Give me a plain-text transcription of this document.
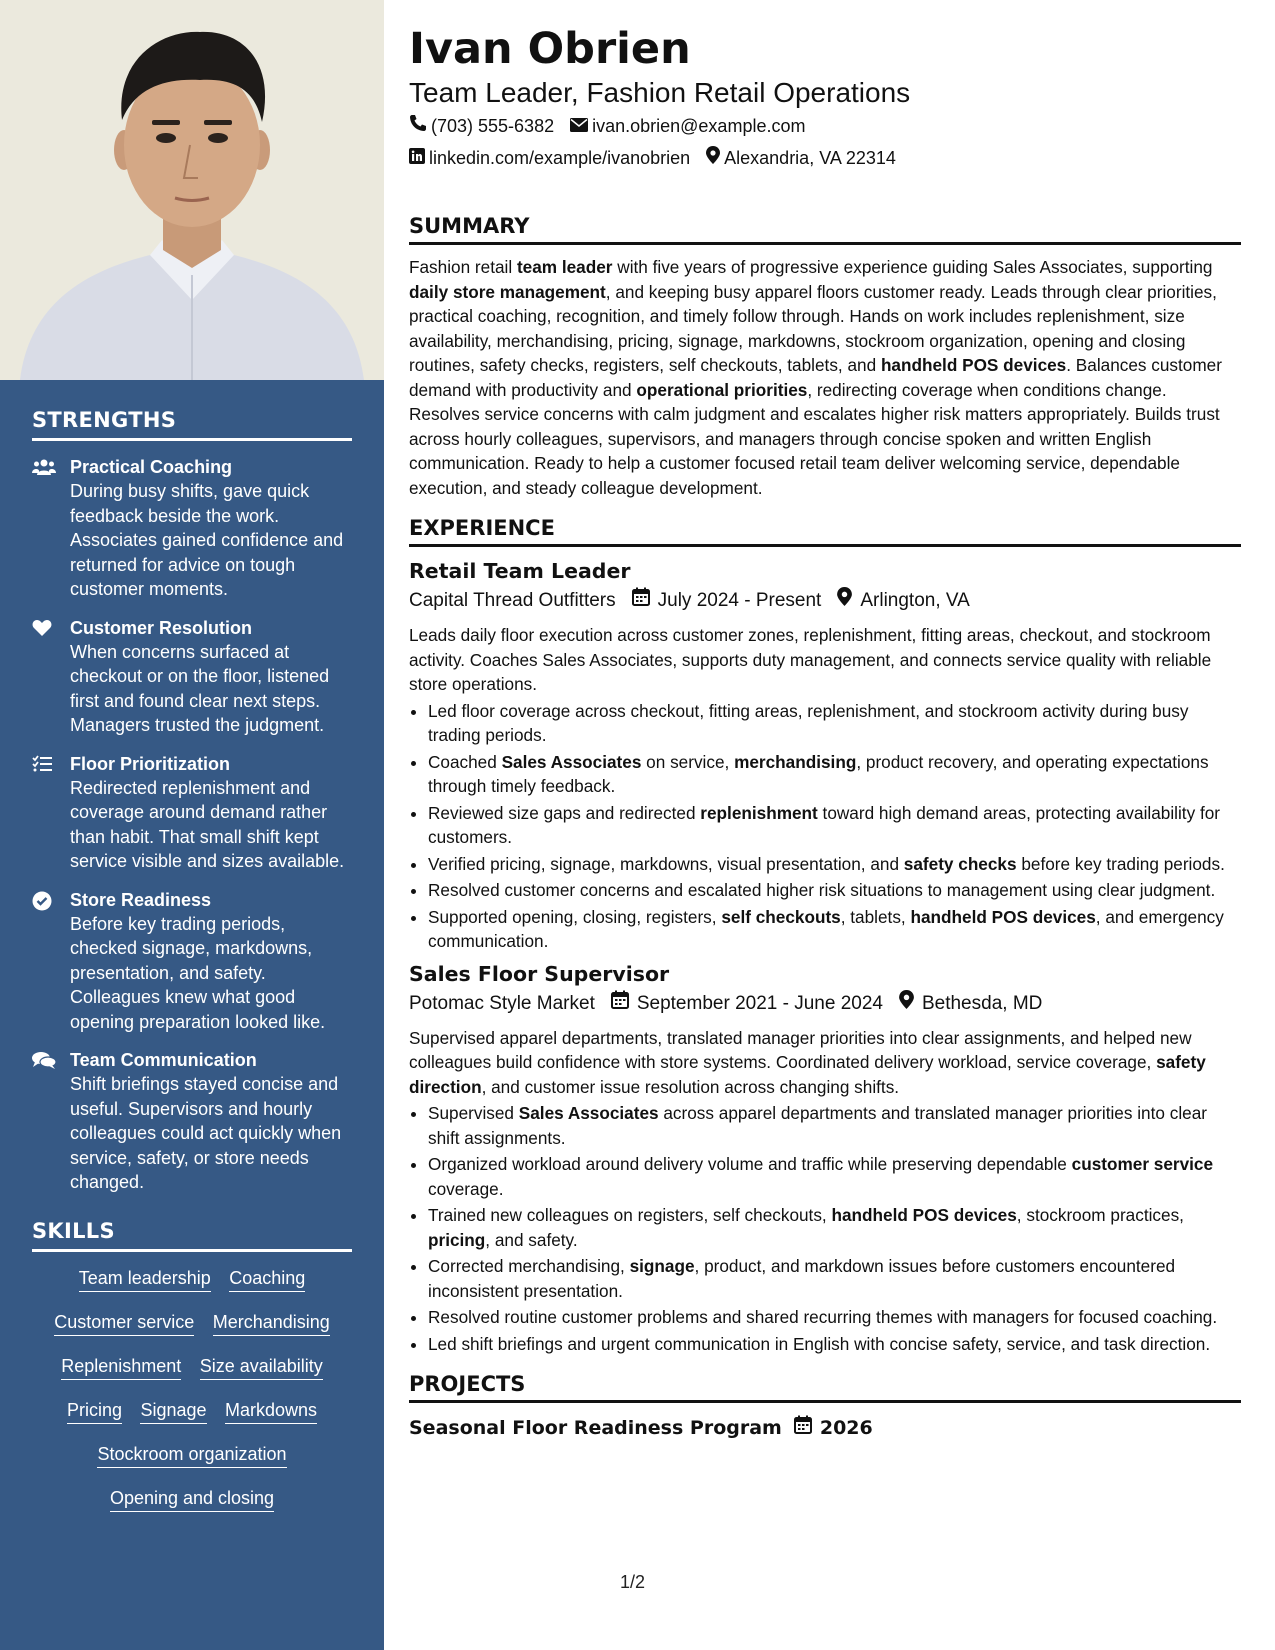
STRENGTHS
Practical Coaching
During busy shifts, gave quick feedback beside the work. Associates gained confidence and returned for advice on tough customer moments.
Customer Resolution
When concerns surfaced at checkout or on the floor, listened first and found clear next steps. Managers trusted the judgment.
Floor Prioritization
Redirected replenishment and coverage around demand rather than habit. That small shift kept service visible and sizes available.
Store Readiness
Before key trading periods, checked signage, markdowns, presentation, and safety. Colleagues knew what good opening preparation looked like.
Team Communication
Shift briefings stayed concise and useful. Supervisors and hourly colleagues could act quickly when service, safety, or store needs changed.
SKILLS
Team leadership Coaching
Customer service Merchandising
Replenishment Size availability
Pricing Signage Markdowns
Stockroom organization
Opening and closing
Ivan Obrien
Team Leader, Fashion Retail Operations
(703) 555-6382 ivan.obrien@example.com
linkedin.com/example/ivanobrien Alexandria, VA 22314
SUMMARY

Fashion retail team leader with five years of progressive experience guiding Sales Associates, supporting daily store management, and keeping busy apparel floors customer ready. Leads through clear priorities, practical coaching, recognition, and timely follow through. Hands on work includes replenishment, size availability, merchandising, pricing, signage, markdowns, stockroom organization, opening and closing routines, safety checks, registers, self checkouts, tablets, and handheld POS devices. Balances customer demand with productivity and operational priorities, redirecting coverage when conditions change. Resolves service concerns with calm judgment and escalates higher risk matters appropriately. Builds trust across hourly colleagues, supervisors, and managers through concise spoken and written English communication. Ready to help a customer focused retail team deliver welcoming service, dependable execution, and steady colleague development.

EXPERIENCE
Retail Team Leader
Capital Thread Outfitters July 2024 - Present Arlington, VA

Leads daily floor execution across customer zones, replenishment, fitting areas, checkout, and stockroom activity. Coaches Sales Associates, supports duty management, and connects service quality with reliable store operations.

• Led floor coverage across checkout, fitting areas, replenishment, and stockroom activity during busy trading periods.
• Coached Sales Associates on service, merchandising, product recovery, and operating expectations through timely feedback.
• Reviewed size gaps and redirected replenishment toward high demand areas, protecting availability for customers.
• Verified pricing, signage, markdowns, visual presentation, and safety checks before key trading periods.
• Resolved customer concerns and escalated higher risk situations to management using clear judgment.
• Supported opening, closing, registers, self checkouts, tablets, handheld POS devices, and emergency communication.
Sales Floor Supervisor
Potomac Style Market September 2021 - June 2024 Bethesda, MD

Supervised apparel departments, translated manager priorities into clear assignments, and helped new colleagues build confidence with store systems. Coordinated delivery workload, service coverage, safety direction, and customer issue resolution across changing shifts.

• Supervised Sales Associates across apparel departments and translated manager priorities into clear shift assignments.
• Organized workload around delivery volume and traffic while preserving dependable customer service coverage.
• Trained new colleagues on registers, self checkouts, handheld POS devices, stockroom practices, pricing, and safety.
• Corrected merchandising, signage, product, and markdown issues before customers encountered inconsistent presentation.
• Resolved routine customer problems and shared recurring themes with managers for focused coaching.
• Led shift briefings and urgent communication in English with concise safety, service, and task direction.
PROJECTS
Seasonal Floor Readiness Program 2026
1/2
